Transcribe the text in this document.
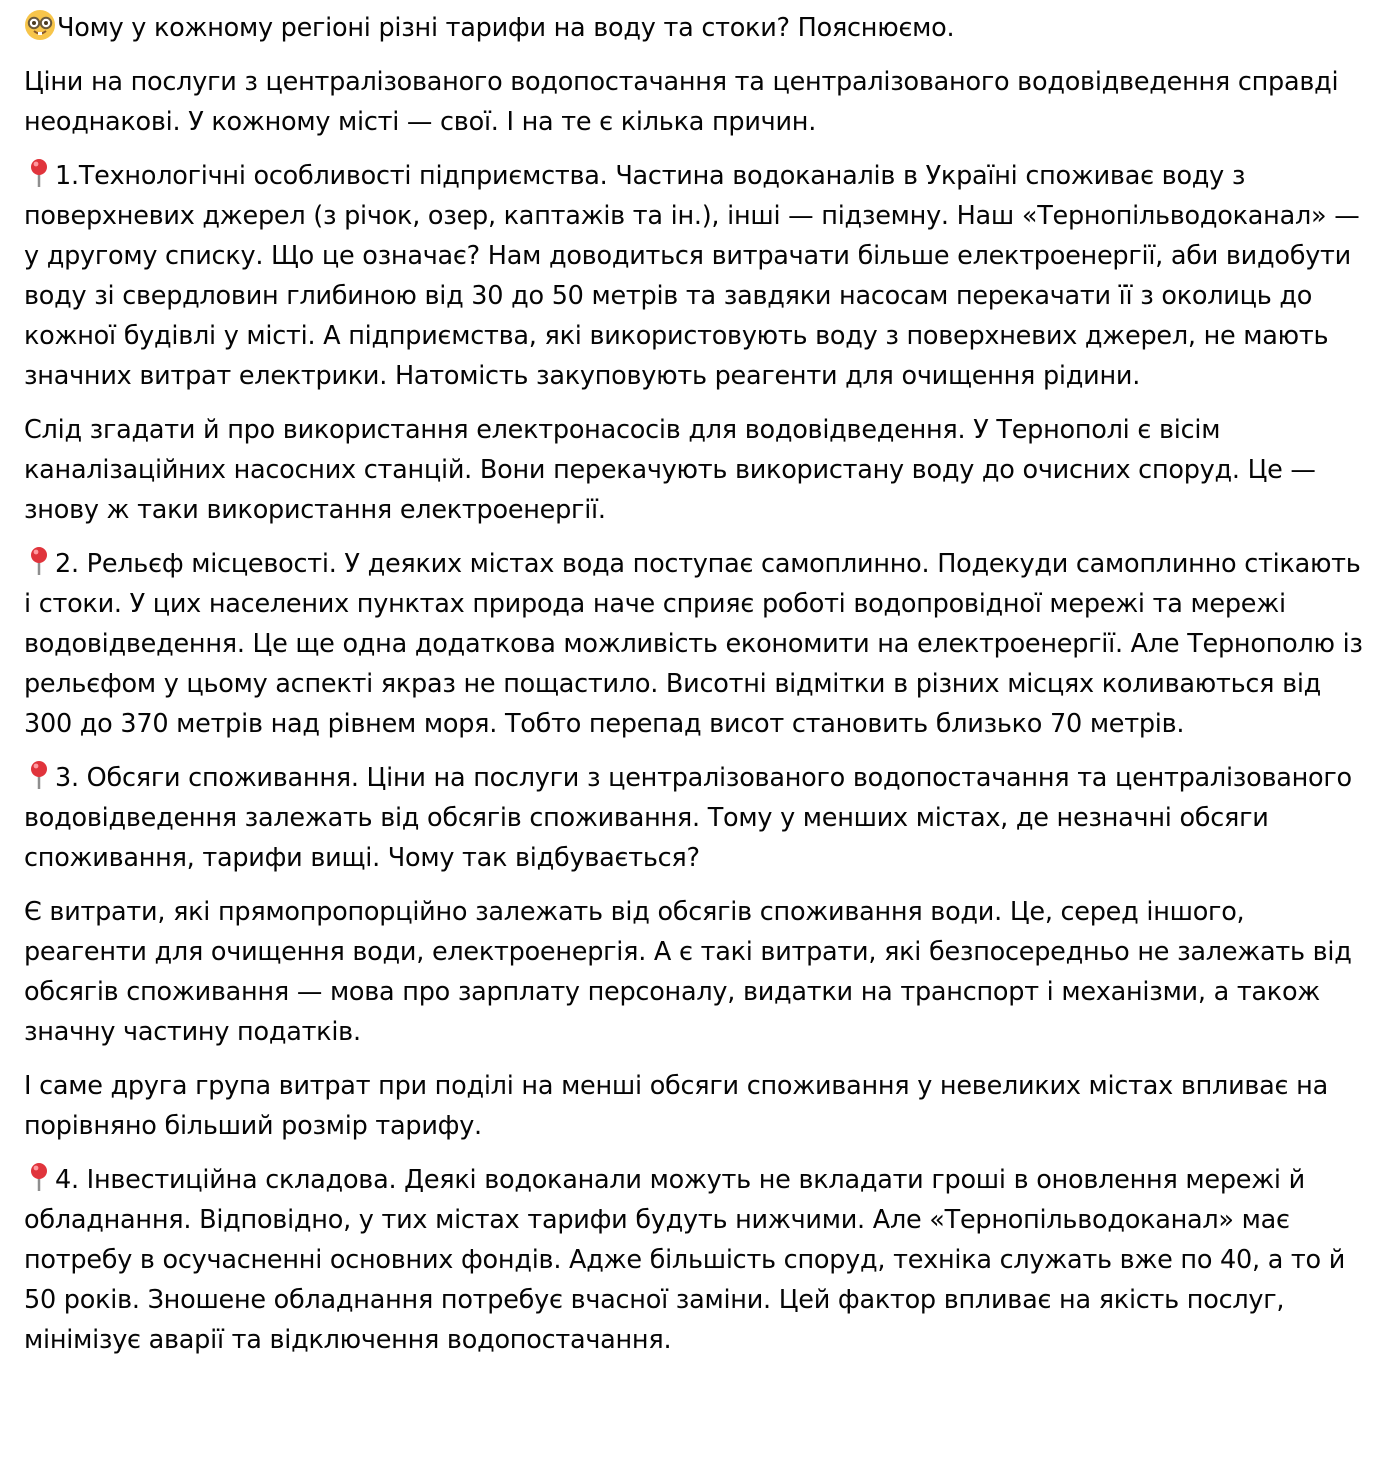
Чому у кожному регіоні різні тарифи на воду та стоки? Пояснюємо.

Ціни на послуги з централізованого водопостачання та централізованого водовідведення справді неоднакові. У кожному місті — свої. І на те є кілька причин.

1.Технологічні особливості підприємства. Частина водоканалів в Україні споживає воду з поверхневих джерел (з річок, озер, каптажів та ін.), інші — підземну. Наш «Тернопільводоканал» — у другому списку. Що це означає? Нам доводиться витрачати більше електроенергії, аби видобути воду зі свердловин глибиною від 30 до 50 метрів та завдяки насосам перекачати її з околиць до кожної будівлі у місті. А підприємства, які використовують воду з поверхневих джерел, не мають значних витрат електрики. Натомість закуповують реагенти для очищення рідини.

Слід згадати й про використання електронасосів для водовідведення. У Тернополі є вісім каналізаційних насосних станцій. Вони перекачують використану воду до очисних споруд. Це — знову ж таки використання електроенергії.

2. Рельєф місцевості. У деяких містах вода поступає самоплинно. Подекуди самоплинно стікають і стоки. У цих населених пунктах природа наче сприяє роботі водопровідної мережі та мережі водовідведення. Це ще одна додаткова можливість економити на електроенергії. Але Тернополю із рельєфом у цьому аспекті якраз не пощастило. Висотні відмітки в різних місцях коливаються від 300 до 370 метрів над рівнем моря. Тобто перепад висот становить близько 70 метрів.

3. Обсяги споживання. Ціни на послуги з централізованого водопостачання та централізованого водовідведення залежать від обсягів споживання. Тому у менших містах, де незначні обсяги споживання, тарифи вищі. Чому так відбувається?

Є витрати, які прямопропорційно залежать від обсягів споживання води. Це, серед іншого, реагенти для очищення води, електроенергія. А є такі витрати, які безпосередньо не залежать від обсягів споживання — мова про зарплату персоналу, видатки на транспорт і механізми, а також значну частину податків.

І саме друга група витрат при поділі на менші обсяги споживання у невеликих містах впливає на порівняно більший розмір тарифу.

4. Інвестиційна складова. Деякі водоканали можуть не вкладати гроші в оновлення мережі й обладнання. Відповідно, у тих містах тарифи будуть нижчими. Але «Тернопільводоканал» має потребу в осучасненні основних фондів. Адже більшість споруд, техніка служать вже по 40, а то й 50 років. Зношене обладнання потребує вчасної заміни. Цей фактор впливає на якість послуг, мінімізує аварії та відключення водопостачання.
